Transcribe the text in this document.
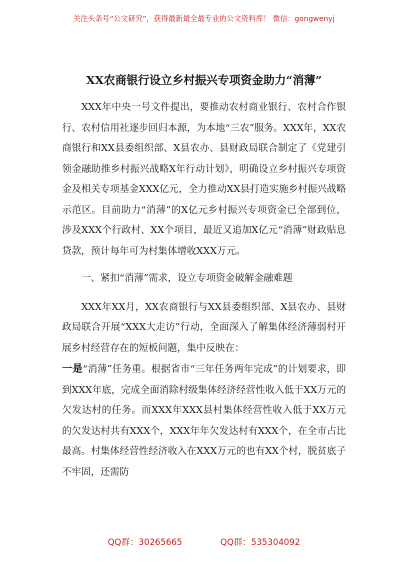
关注头条号“公文研究”，获得最新最全最专业的公文资料库！ 微信：gongwenyj
XX农商银行设立乡村振兴专项资金助力“消薄”

XXX年中央一号文件提出，要推动农村商业银行、农村合作银行、农村信用社逐步回归本源，为本地“三农”服务。XXX年，XX农商银行和XX县委组织部、X县农办、县财政局联合制定了《党建引领金融助推乡村振兴战略X年行动计划》，明确设立乡村振兴专项资金及相关专项基金XXX亿元，全力推动XX县打造实施乡村振兴战略示范区。目前助力“消薄”的X亿元乡村振兴专项资金已全部到位，涉及XXX个行政村、XX个项目，最近又追加X亿元“消薄”财政贴息贷款，预计每年可为村集体增收XXX万元。

一、紧扣“消薄”需求，设立专项资金破解金融难题

XXX年XX月，XX农商银行与XX县委组织部、X县农办、县财政局联合开展“XXX大走访”行动，全面深入了解集体经济薄弱村开展乡村经营存在的短板问题，集中反映在：

一是“消薄”任务重。根据省市“三年任务两年完成”的计划要求，即到XXX年底，完成全面消除村级集体经济经营性收入低于XX万元的欠发达村的任务。而XXX年XXX县村集体经营性收入低于XX万元的欠发达村共有XXX个，XXX年年欠发达村有XXX个，在全市占比最高。村集体经营性经济收入在XXX万元的也有XX个村，脱贫底子不牢固，还需防

QQ群：30265665	QQ群：535304092
